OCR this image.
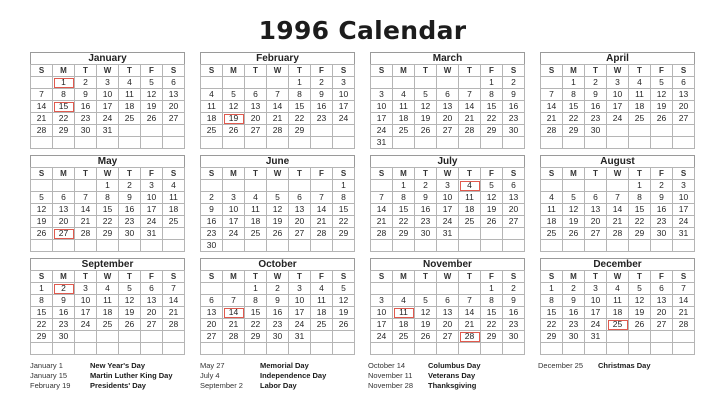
1996 Calendar
January
S	M	T	W	T	F	S
	1	2	3	4	5	6
7	8	9	10	11	12	13
14	15	16	17	18	19	20
21	22	23	24	25	26	27
28	29	30	31			

February
S	M	T	W	T	F	S
				1	2	3
4	5	6	7	8	9	10
11	12	13	14	15	16	17
18	19	20	21	22	23	24
25	26	27	28	29		

March
S	M	T	W	T	F	S
					1	2
3	4	5	6	7	8	9
10	11	12	13	14	15	16
17	18	19	20	21	22	23
24	25	26	27	28	29	30
31						
April
S	M	T	W	T	F	S
	1	2	3	4	5	6
7	8	9	10	11	12	13
14	15	16	17	18	19	20
21	22	23	24	25	26	27
28	29	30				

May
S	M	T	W	T	F	S
			1	2	3	4
5	6	7	8	9	10	11
12	13	14	15	16	17	18
19	20	21	22	23	24	25
26	27	28	29	30	31	

June
S	M	T	W	T	F	S
						1
2	3	4	5	6	7	8
9	10	11	12	13	14	15
16	17	18	19	20	21	22
23	24	25	26	27	28	29
30						
July
S	M	T	W	T	F	S
	1	2	3	4	5	6
7	8	9	10	11	12	13
14	15	16	17	18	19	20
21	22	23	24	25	26	27
28	29	30	31			

August
S	M	T	W	T	F	S
				1	2	3
4	5	6	7	8	9	10
11	12	13	14	15	16	17
18	19	20	21	22	23	24
25	26	27	28	29	30	31

September
S	M	T	W	T	F	S
1	2	3	4	5	6	7
8	9	10	11	12	13	14
15	16	17	18	19	20	21
22	23	24	25	26	27	28
29	30					

October
S	M	T	W	T	F	S
		1	2	3	4	5
6	7	8	9	10	11	12
13	14	15	16	17	18	19
20	21	22	23	24	25	26
27	28	29	30	31		

November
S	M	T	W	T	F	S
					1	2
3	4	5	6	7	8	9
10	11	12	13	14	15	16
17	18	19	20	21	22	23
24	25	26	27	28	29	30

December
S	M	T	W	T	F	S
1	2	3	4	5	6	7
8	9	10	11	12	13	14
15	16	17	18	19	20	21
22	23	24	25	26	27	28
29	30	31				

January 1	New Year's Day
January 15	Martin Luther King Day
February 19	Presidents' Day
May 27	Memorial Day
July 4	Independence Day
September 2 Labor Day
October 14	Columbus Day
November 11 Veterans Day
November 28 Thanksgiving
December 25 Christmas Day
